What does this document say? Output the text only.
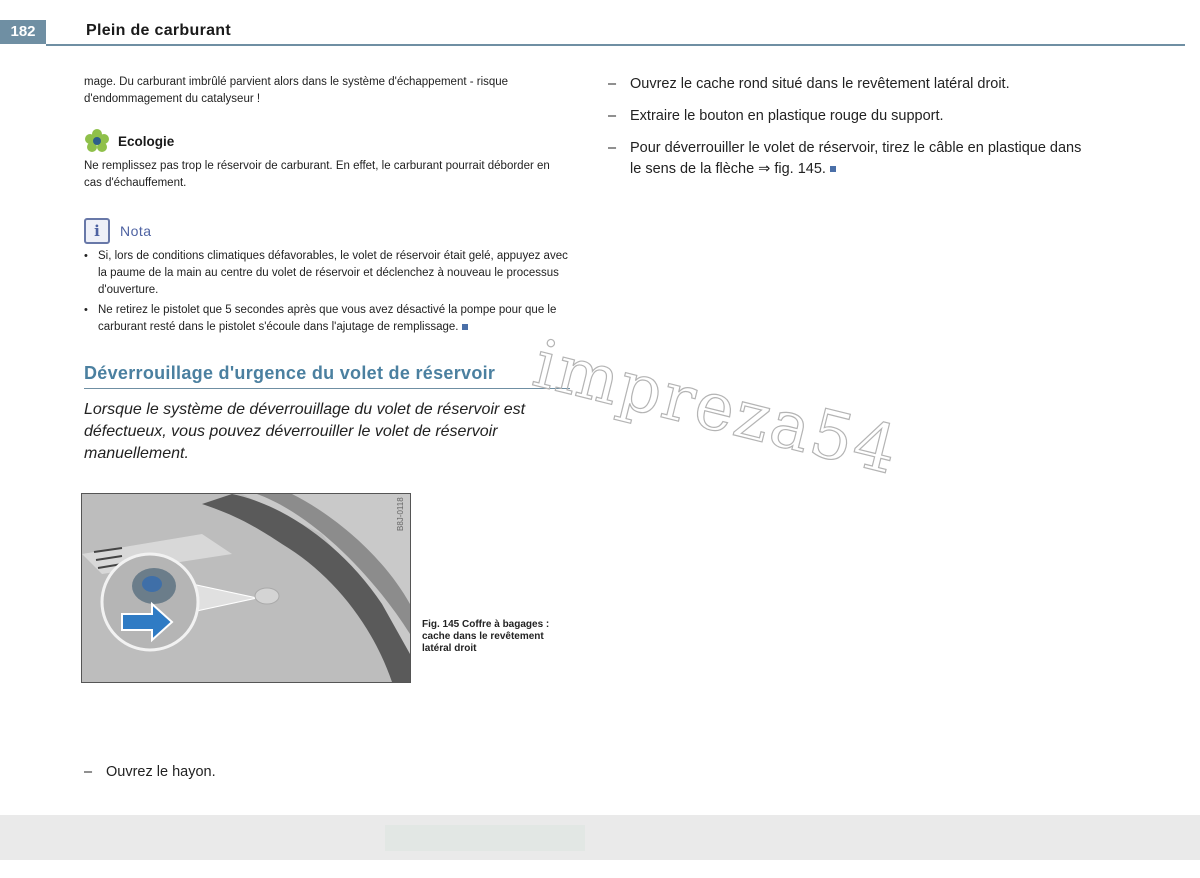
182	Plein de carburant

mage. Du carburant imbrûlé parvient alors dans le système d'échappement - risque d'endommagement du catalyseur !

Ecologie

Ne remplissez pas trop le réservoir de carburant. En effet, le carburant pourrait déborder en cas d'échauffement.

i	Nota

• Si, lors de conditions climatiques défavorables, le volet de réservoir était gelé, appuyez avec la paume de la main au centre du volet de réservoir et déclenchez à nouveau le processus d'ouverture.

• Ne retirez le pistolet que 5 secondes après que vous avez désactivé la pompe pour que le carburant resté dans le pistolet s'écoule dans l'ajutage de remplissage.

Déverrouillage d'urgence du volet de réservoir

Lorsque le système de déverrouillage du volet de réservoir est défectueux, vous pouvez déverrouiller le volet de réservoir manuellement.

B8J-0118
Fig. 145 Coffre à bagages : cache dans le revêtement latéral droit

– Ouvrez le hayon.

– Ouvrez le cache rond situé dans le revêtement latéral droit.

– Extraire le bouton en plastique rouge du support.

– Pour déverrouiller le volet de réservoir, tirez le câble en plastique dans le sens de la flèche ⇒ fig. 145.

imprezа54
